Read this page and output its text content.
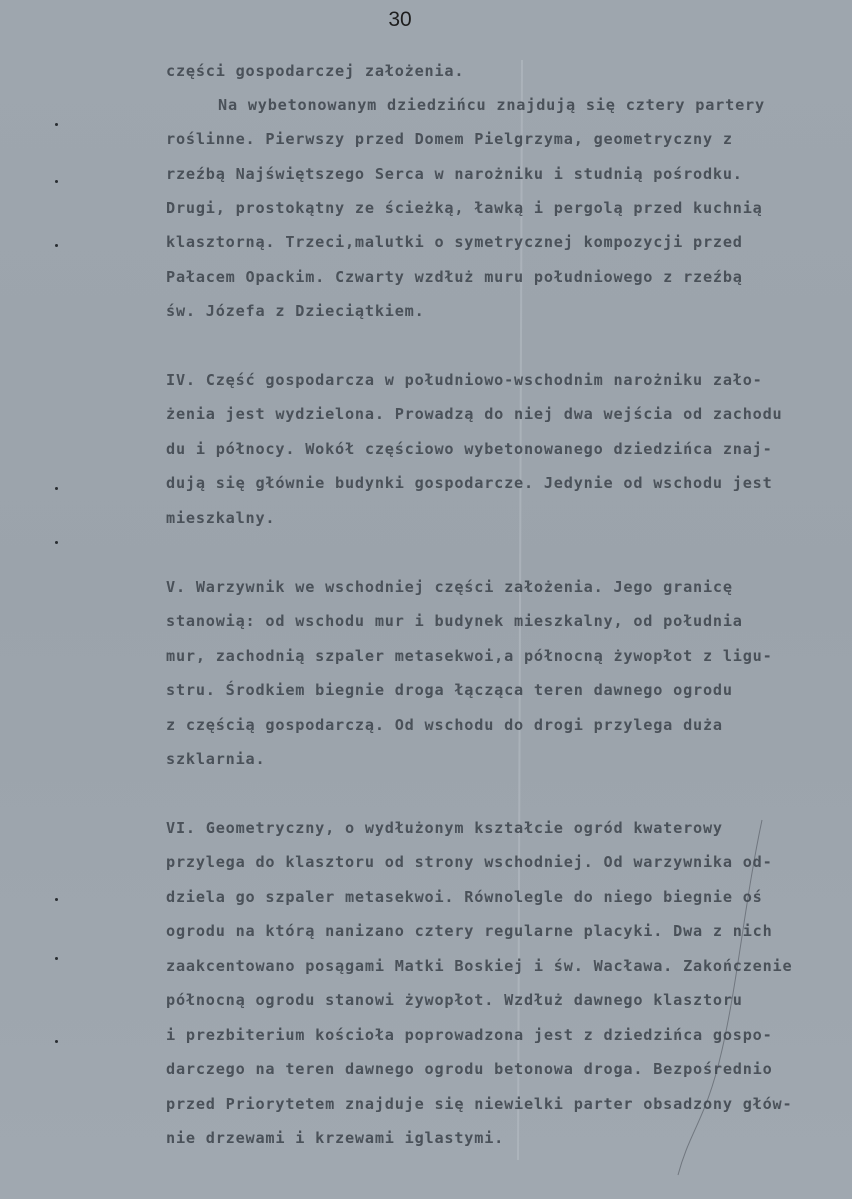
30
części gospodarczej założenia.
Na wybetonowanym dziedzińcu znajdują się cztery partery
roślinne. Pierwszy przed Domem Pielgrzyma, geometryczny z
rzeźbą Najświętszego Serca w narożniku i studnią pośrodku.
Drugi, prostokątny ze ścieżką, ławką i pergolą przed kuchnią
klasztorną. Trzeci,malutki o symetrycznej kompozycji przed
Pałacem Opackim. Czwarty wzdłuż muru południowego z rzeźbą
św. Józefa z Dzieciątkiem.
IV. Część gospodarcza w południowo-wschodnim narożniku zało-
żenia jest wydzielona. Prowadzą do niej dwa wejścia od zachodu
du i północy. Wokół częściowo wybetonowanego dziedzińca znaj-
dują się głównie budynki gospodarcze. Jedynie od wschodu jest
mieszkalny.
V. Warzywnik we wschodniej części założenia. Jego granicę
stanowią: od wschodu mur i budynek mieszkalny, od południa
mur, zachodnią szpaler metasekwoi,a północną żywopłot z ligu-
stru. Środkiem biegnie droga łącząca teren dawnego ogrodu
z częścią gospodarczą. Od wschodu do drogi przylega duża
szklarnia.
VI. Geometryczny, o wydłużonym kształcie ogród kwaterowy
przylega do klasztoru od strony wschodniej. Od warzywnika od-
dziela go szpaler metasekwoi. Równolegle do niego biegnie oś
ogrodu na którą nanizano cztery regularne placyki. Dwa z nich
zaakcentowano posągami Matki Boskiej i św. Wacława. Zakończenie
północną ogrodu stanowi żywopłot. Wzdłuż dawnego klasztoru
i prezbiterium kościoła poprowadzona jest z dziedzińca gospo-
darczego na teren dawnego ogrodu betonowa droga. Bezpośrednio
przed Priorytetem znajduje się niewielki parter obsadzony głów-
nie drzewami i krzewami iglastymi.
